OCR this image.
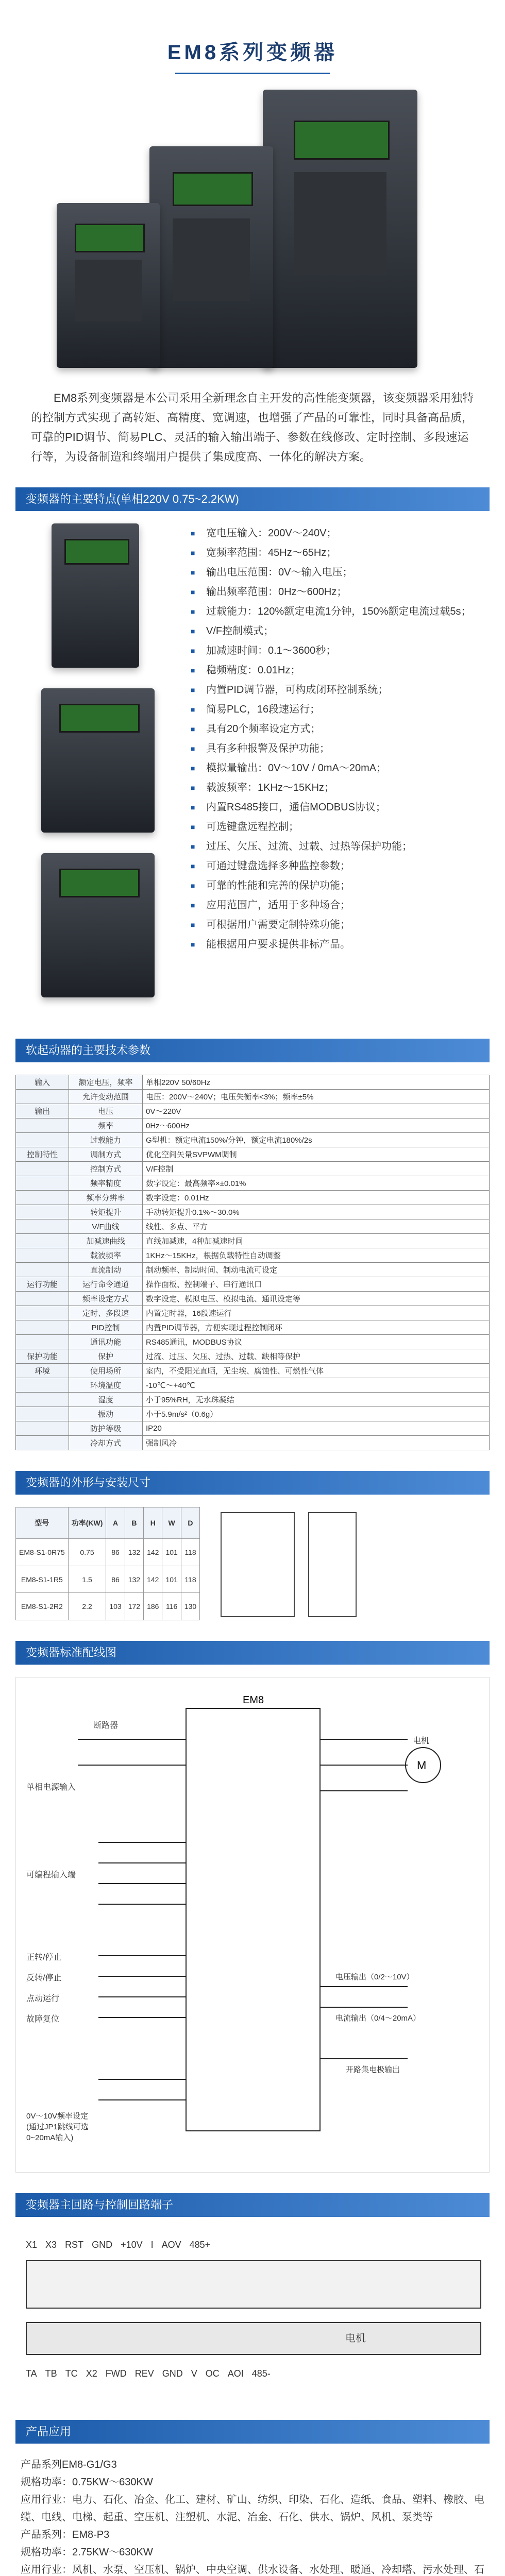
EM8系列变频器
EM8系列变频器是本公司采用全新理念自主开发的高性能变频器，该变频器采用独特的控制方式实现了高转矩、高精度、宽调速，也增强了产品的可靠性，同时具备高品质，可靠的PID调节、简易PLC、灵活的输入输出端子、参数在线修改、定时控制、多段速运行等，为设备制造和终端用户提供了集成度高、一体化的解决方案。
变频器的主要特点(单相220V 0.75~2.2KW)
■ 宽电压输入：200V～240V；
■ 宽频率范围：45Hz～65Hz；
■ 输出电压范围：0V～输入电压；
■ 输出频率范围：0Hz～600Hz；
■ 过载能力：120%额定电流1分钟，150%额定电流过载5s；
■ V/F控制模式；
■ 加减速时间：0.1～3600秒；
■ 稳频精度：0.01Hz；
■ 内置PID调节器，可构成闭环控制系统；
■ 简易PLC，16段速运行；
■ 具有20个频率设定方式；
■ 具有多种报警及保护功能；
■ 模拟量输出：0V～10V / 0mA～20mA；
■ 载波频率：1KHz～15KHz；
■ 内置RS485接口，通信MODBUS协议；
■ 可选键盘远程控制；
■ 过压、欠压、过流、过载、过热等保护功能；
■ 可通过键盘选择多种监控参数；
■ 可靠的性能和完善的保护功能；
■ 应用范围广，适用于多种场合；
■ 可根据用户需要定制特殊功能；
■ 能根据用户要求提供非标产品。
软起动器的主要技术参数
输入	额定电压，频率	单相220V 50/60Hz
	允许变动范围	电压：200V～240V；电压失衡率<3%；频率±5%
输出	电压	0V～220V
	频率	0Hz～600Hz
	过载能力	G型机：额定电流150%/分钟，额定电流180%/2s
控制特性	调制方式	优化空间矢量SVPWM调制
	控制方式	V/F控制
	频率精度	数字设定：最高频率×±0.01%
	频率分辨率	数字设定：0.01Hz
	转矩提升	手动转矩提升0.1%～30.0%
	V/F曲线	线性、多点、平方
	加减速曲线	直线加减速，4种加减速时间
	载波频率	1KHz～15KHz，根据负载特性自动调整
	直流制动	制动频率、制动时间、制动电流可设定
运行功能	运行命令通道	操作面板、控制端子、串行通讯口
	频率设定方式	数字设定、模拟电压、模拟电流、通讯设定等
	定时、多段速	内置定时器，16段速运行
	PID控制	内置PID调节器，方便实现过程控制闭环
	通讯功能	RS485通讯，MODBUS协议
保护功能	保护	过流、过压、欠压、过热、过载、缺相等保护
环境	使用场所	室内，不受阳光直晒，无尘埃、腐蚀性、可燃性气体
	环境温度	-10℃～+40℃
	湿度	小于95%RH，无水珠凝结
	振动	小于5.9m/s²（0.6g）
	防护等级	IP20
	冷却方式	强制风冷
变频器的外形与安装尺寸
型号	功率(KW)	A	B	H	W	D
EM8-S1-0R75	0.75	86	132	142	101	118
EM8-S1-1R5	1.5	86	132	142	101	118
EM8-S1-2R2	2.2	103	172	186	116	130
变频器标准配线图
EM8
M
断路器
单相电源输入
电机
可编程输入端
正转/停止
反转/停止
点动运行
故障复位
0V～10V频率设定
(通过JP1跳线可选
0~20mA输入)
电压输出（0/2～10V）
电流输出（0/4～20mA）
开路集电极输出
变频器主回路与控制回路端子
X1 X3 RST GND +10V I AOV 485+
电机
TA TB TC X2 FWD REV GND V OC AOI 485-
产品应用
产品系列EM8-G1/G3
规格功率：0.75KW～630KW
应用行业：电力、石化、冶金、化工、建材、矿山、纺织、印染、石化、造纸、食品、塑料、橡胶、电缆、电线、电梯、起重、空压机、注塑机、水泥、冶金、石化、供水、锅炉、风机、泵类等
产品系列：EM8-P3
规格功率：2.75KW～630KW
应用行业：风机、水泵、空压机、锅炉、中央空调、供水设备、水处理、暖通、冷却塔、污水处理、石
